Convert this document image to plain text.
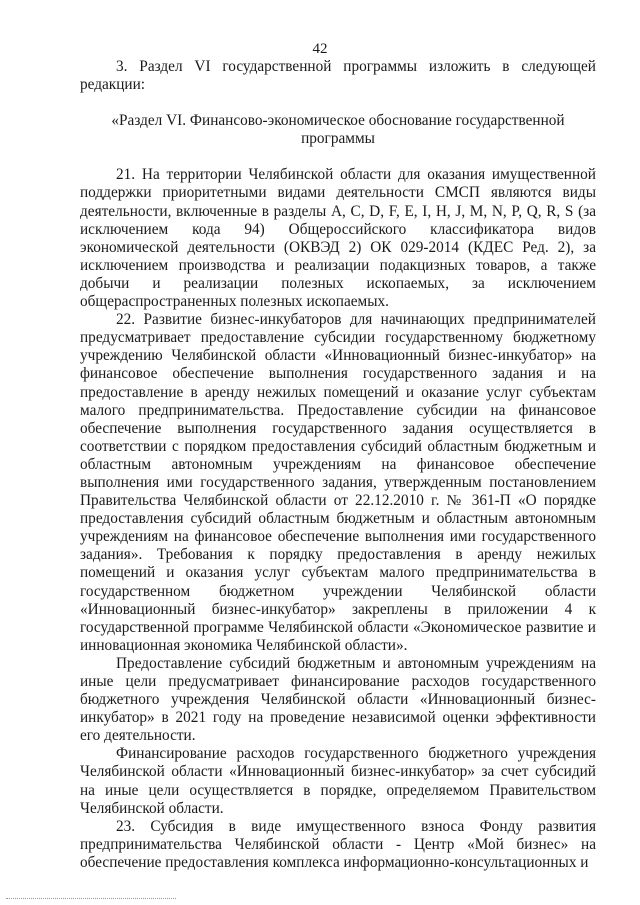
42

3. Раздел VI государственной программы изложить в следующей редакции:

«Раздел VI. Финансово-экономическое обоснование государственной программы

21. На территории Челябинской области для оказания имущественной поддержки приоритетными видами деятельности СМСП являются виды деятельности, включенные в разделы A, C, D, F, E, I, H, J, M, N, P, Q, R, S (за исключением кода 94) Общероссийского классификатора видов экономической деятельности (ОКВЭД 2) ОК 029-2014 (КДЕС Ред. 2), за исключением производства и реализации подакцизных товаров, а также добычи и реализации полезных ископаемых, за исключением общераспространенных полезных ископаемых.

22. Развитие бизнес-инкубаторов для начинающих предпринимателей предусматривает предоставление субсидии государственному бюджетному учреждению Челябинской области «Инновационный бизнес-инкубатор» на финансовое обеспечение выполнения государственного задания и на предоставление в аренду нежилых помещений и оказание услуг субъектам малого предпринимательства. Предоставление субсидии на финансовое обеспечение выполнения государственного задания осуществляется в соответствии с порядком предоставления субсидий областным бюджетным и областным автономным учреждениям на финансовое обеспечение выполнения ими государственного задания, утвержденным постановлением Правительства Челябинской области от 22.12.2010 г. № 361-П «О порядке предоставления субсидий областным бюджетным и областным автономным учреждениям на финансовое обеспечение выполнения ими государственного задания». Требования к порядку предоставления в аренду нежилых помещений и оказания услуг субъектам малого предпринимательства в государственном бюджетном учреждении Челябинской области «Инновационный бизнес-инкубатор» закреплены в приложении 4 к государственной программе Челябинской области «Экономическое развитие и инновационная экономика Челябинской области».

Предоставление субсидий бюджетным и автономным учреждениям на иные цели предусматривает финансирование расходов государственного бюджетного учреждения Челябинской области «Инновационный бизнес-инкубатор» в 2021 году на проведение независимой оценки эффективности его деятельности.

Финансирование расходов государственного бюджетного учреждения Челябинской области «Инновационный бизнес-инкубатор» за счет субсидий на иные цели осуществляется в порядке, определяемом Правительством Челябинской области.

23. Субсидия в виде имущественного взноса Фонду развития предпринимательства Челябинской области - Центр «Мой бизнес» на обеспечение предоставления комплекса информационно-консультационных и
